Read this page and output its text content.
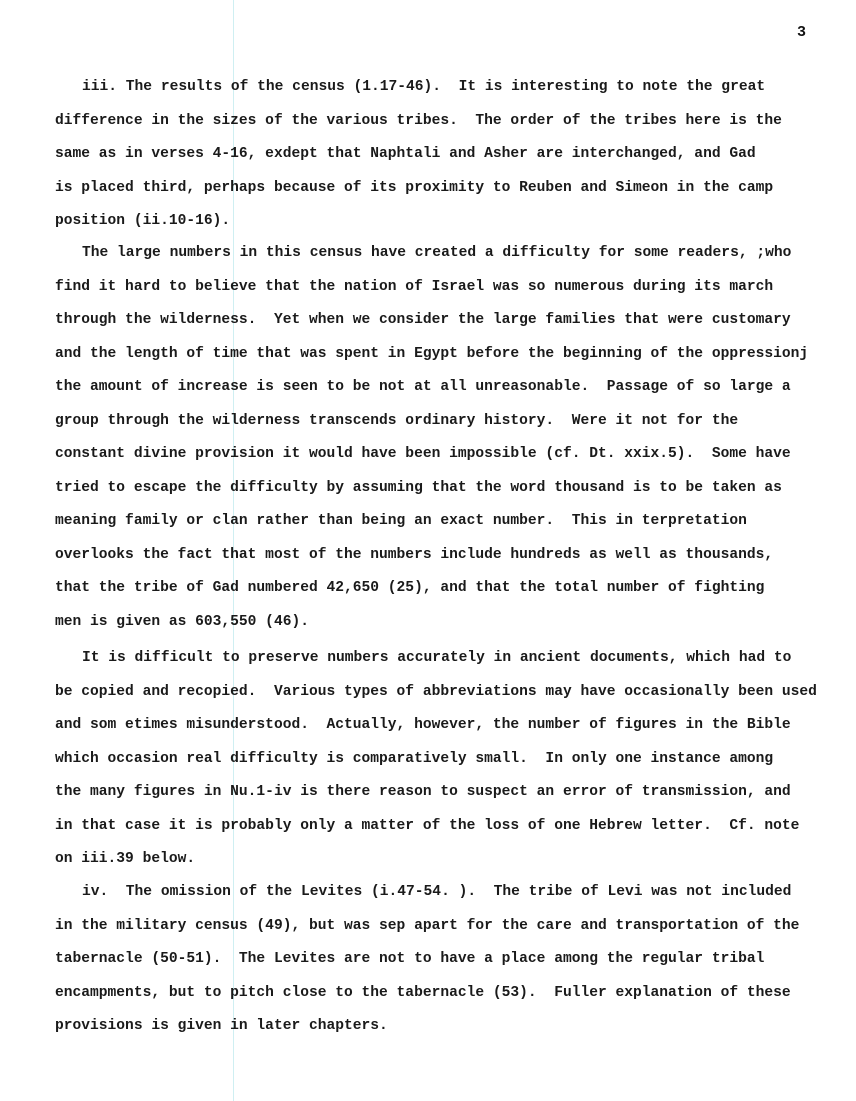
3
iii. The results of the census (1.17-46).  It is interesting to note the great
difference in the sizes of the various tribes.  The order of the tribes here is the
same as in verses 4-16, exdept that Naphtali and Asher are interchanged, and Gad
is placed third, perhaps because of its proximity to Reuben and Simeon in the camp
position (ii.10-16).
The large numbers in this census have created a difficulty for some readers, ;who
find it hard to believe that the nation of Israel was so numerous during its march
through the wilderness.  Yet when we consider the large families that were customary
and the length of time that was spent in Egypt before the beginning of the oppressionj
the amount of increase is seen to be not at all unreasonable.  Passage of so large a
group through the wilderness transcends ordinary history.  Were it not for the
constant divine provision it would have been impossible (cf. Dt. xxix.5).  Some have
tried to escape the difficulty by assuming that the word thousand is to be taken as
meaning family or clan rather than being an exact number.  This in terpretation
overlooks the fact that most of the numbers include hundreds as well as thousands,
that the tribe of Gad numbered 42,650 (25), and that the total number of fighting
men is given as 603,550 (46).
It is difficult to preserve numbers accurately in ancient documents, which had to
be copied and recopied.  Various types of abbreviations may have occasionally been used
and som etimes misunderstood.  Actually, however, the number of figures in the Bible
which occasion real difficulty is comparatively small.  In only one instance among
the many figures in Nu.1-iv is there reason to suspect an error of transmission, and
in that case it is probably only a matter of the loss of one Hebrew letter.  Cf. note
on iii.39 below.
iv.  The omission of the Levites (i.47-54. ).  The tribe of Levi was not included
in the military census (49), but was sep apart for the care and transportation of the
tabernacle (50-51).  The Levites are not to have a place among the regular tribal
encampments, but to pitch close to the tabernacle (53).  Fuller explanation of these
provisions is given in later chapters.
